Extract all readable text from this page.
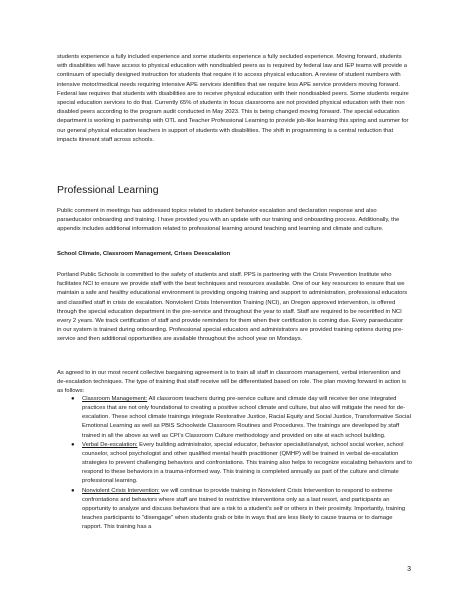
students experience a fully included experience and some students experience a fully secluded experience. Moving forward, students with disabilities will have access to physical education with nondisabled peers as is required by federal law and IEP teams will provide a continuum of specially designed instruction for students that require it to access physical education. A review of student numbers with intensive motor/medical needs requiring intensive APE services identifies that we require less APE service providers moving forward. Federal law requires that students with disabilities are to receive physical education with their nondisabled peers. Some students require special education services to do that. Currently 65% of students in focus classrooms are not provided physical education with their non disabled peers according to the program audit conducted in May 2023. This is being changed moving forward. The special education department is working in partnership with OTL and Teacher Professional Learning to provide job-like learning this spring and summer for our general physical education teachers in support of students with disabilities. The shift in programming is a central reduction that impacts itinerant staff across schools.

Professional Learning

Public comment in meetings has addressed topics related to student behavior escalation and declaration response and also paraeducator onboarding and training. I have provided you with an update with our training and onboarding process. Additionally, the appendix includes additional information related to professional learning around teaching and learning and climate and culture.

School Climate, Classroom Management, Crises Deescalation

Portland Public Schools is committed to the safety of students and staff. PPS is partnering with the Crisis Prevention Institute who facilitates NCI to ensure we provide staff with the best techniques and resources available. One of our key resources to ensure that we maintain a safe and healthy educational environment is providing ongoing training and support to administration, professional educators and classified staff in crisis de escalation. Nonviolent Crisis Intervention Training (NCI), an Oregon approved intervention, is offered through the special education department in the pre-service and throughout the year to staff. Staff are required to be recertified in NCI every 2 years. We track certification of staff and provide reminders for them when their certification is coming due. Every paraeducator in our system is trained during onboarding. Professional special educators and administrators are provided training options during pre-service and then additional opportunities are available throughout the school year on Mondays.

As agreed to in our most recent collective bargaining agreement is to train all staff in classroom management, verbal intervention and de-escalation techniques. The type of training that staff receive will be differentiated based on role. The plan moving forward in action is as follows:

● Classroom Management: All classroom teachers during pre-service culture and climate day will receive tier one integrated practices that are not only foundational to creating a positive school climate and culture, but also will mitigate the need for de-escalation. These school climate trainings integrate Restorative Justice, Racial Equity and Social Justice, Transformative Social Emotional Learning as well as PBIS Schoolwide Classroom Routines and Procedures. The trainings are developed by staff trained in all the above as well as CPI's Classroom Culture methodology and provided on site at each school building.
● Verbal De-escalation: Every building administrator, special educator, behavior specialist/analyst, school social worker, school counselor, school psychologist and other qualified mental health practitioner (QMHP) will be trained in verbal de-escalation strategies to prevent challenging behaviors and confrontations. This training also helps to recognize escalating behaviors and to respond to these behaviors in a trauma-informed way. This training is completed annually as part of the culture and climate professional learning.
● Nonviolent Crisis Intervention: we will continue to provide training in Nonviolent Crisis Intervention to respond to extreme confrontations and behaviors where staff are trained to restrictive interventions only as a last resort, and participants an opportunity to analyze and discuss behaviors that are a risk to a student's self or others in their proximity. Importantly, training teaches participants to "disengage" when students grab or bite in ways that are less likely to cause trauma or to damage rapport. This training has a
3
